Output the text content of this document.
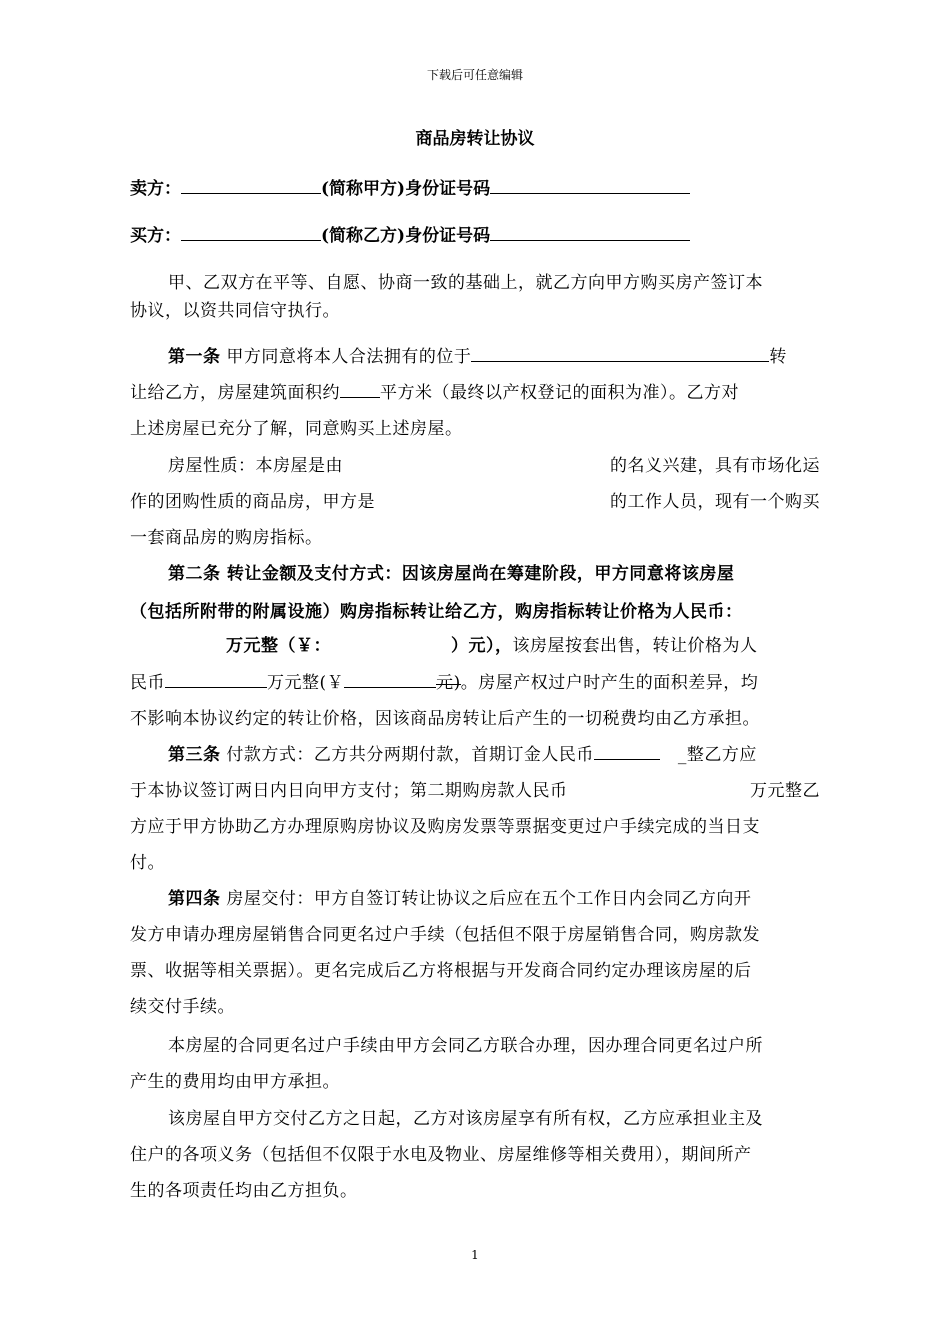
下载后可任意编辑
商品房转让协议
卖方：	(简称甲方)身份证号码
买方：	(简称乙方)身份证号码
甲、乙双方在平等、自愿、协商一致的基础上，就乙方向甲方购买房产签订本
协议，以资共同信守执行。
第一条 甲方同意将本人合法拥有的位于	转
让给乙方，房屋建筑面积约 平方米（最终以产权登记的面积为准）。乙方对
上述房屋已充分了解，同意购买上述房屋。
房屋性质：本房屋是由	的名义兴建，具有市场化运
作的团购性质的商品房，甲方是	的工作人员，现有一个购买
一套商品房的购房指标。
第二条 转让金额及支付方式：因该房屋尚在筹建阶段，甲方同意将该房屋
（包括所附带的附属设施）购房指标转让给乙方，购房指标转让价格为人民币：
万元整（￥：	）元），该房屋按套出售，转让价格为人
民币	万元整(￥	元)。房屋产权过户时产生的面积差异，均
不影响本协议约定的转让价格，因该商品房转让后产生的一切税费均由乙方承担。
第三条 付款方式：乙方共分两期付款，首期订金人民币	_整乙方应
于本协议签订两日内日向甲方支付；第二期购房款人民币	万元整乙
方应于甲方协助乙方办理原购房协议及购房发票等票据变更过户手续完成的当日支
付。
第四条 房屋交付：甲方自签订转让协议之后应在五个工作日内会同乙方向开
发方申请办理房屋销售合同更名过户手续（包括但不限于房屋销售合同，购房款发
票、收据等相关票据）。更名完成后乙方将根据与开发商合同约定办理该房屋的后
续交付手续。
本房屋的合同更名过户手续由甲方会同乙方联合办理，因办理合同更名过户所
产生的费用均由甲方承担。
该房屋自甲方交付乙方之日起，乙方对该房屋享有所有权，乙方应承担业主及
住户的各项义务（包括但不仅限于水电及物业、房屋维修等相关费用），期间所产
生的各项责任均由乙方担负。
1
